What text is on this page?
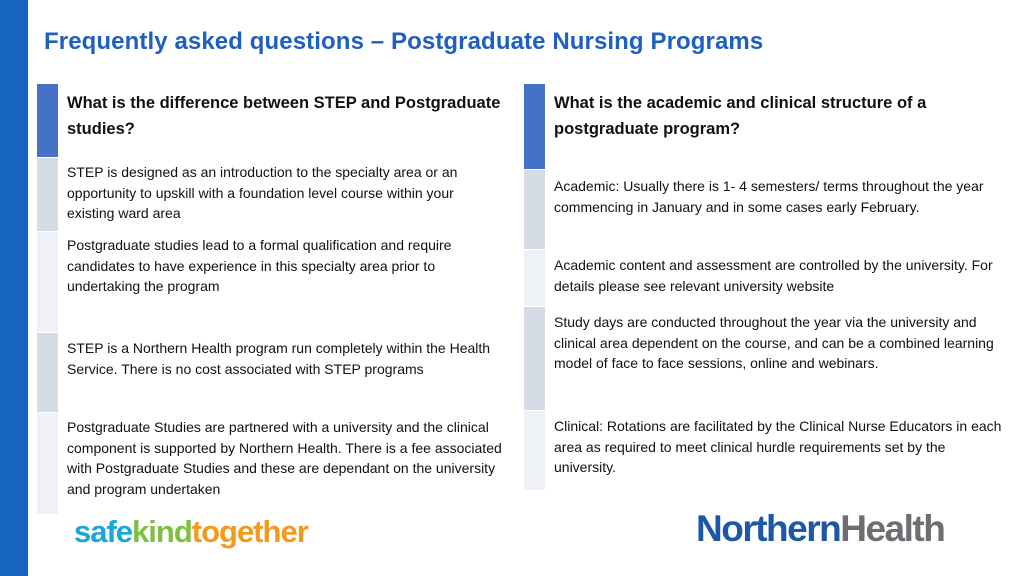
Frequently asked questions – Postgraduate Nursing Programs
What is the difference between STEP and Postgraduate studies?
STEP is designed as an introduction to the specialty area or an opportunity to upskill with a foundation level course within your existing ward area
Postgraduate studies lead to a formal qualification and require candidates to have experience in this specialty area prior to undertaking the program
STEP is a Northern Health program run completely within the Health Service. There is no cost associated with STEP programs
Postgraduate Studies are partnered with a university and the clinical component is supported by Northern Health. There is a fee associated with Postgraduate Studies and these are dependant on the university and program undertaken
What is the academic and clinical structure of a postgraduate program?
Academic: Usually there is 1- 4 semesters/ terms throughout the year commencing in January and in some cases early February.
Academic content and assessment are controlled by the university. For details please see relevant university website
Study days are conducted throughout the year via the university and clinical area dependent on the course, and can be a combined learning model of face to face sessions, online and webinars.
Clinical: Rotations are facilitated by the Clinical Nurse Educators in each area as required to meet clinical hurdle requirements set by the university.
safekindtogether	NorthernHealth
